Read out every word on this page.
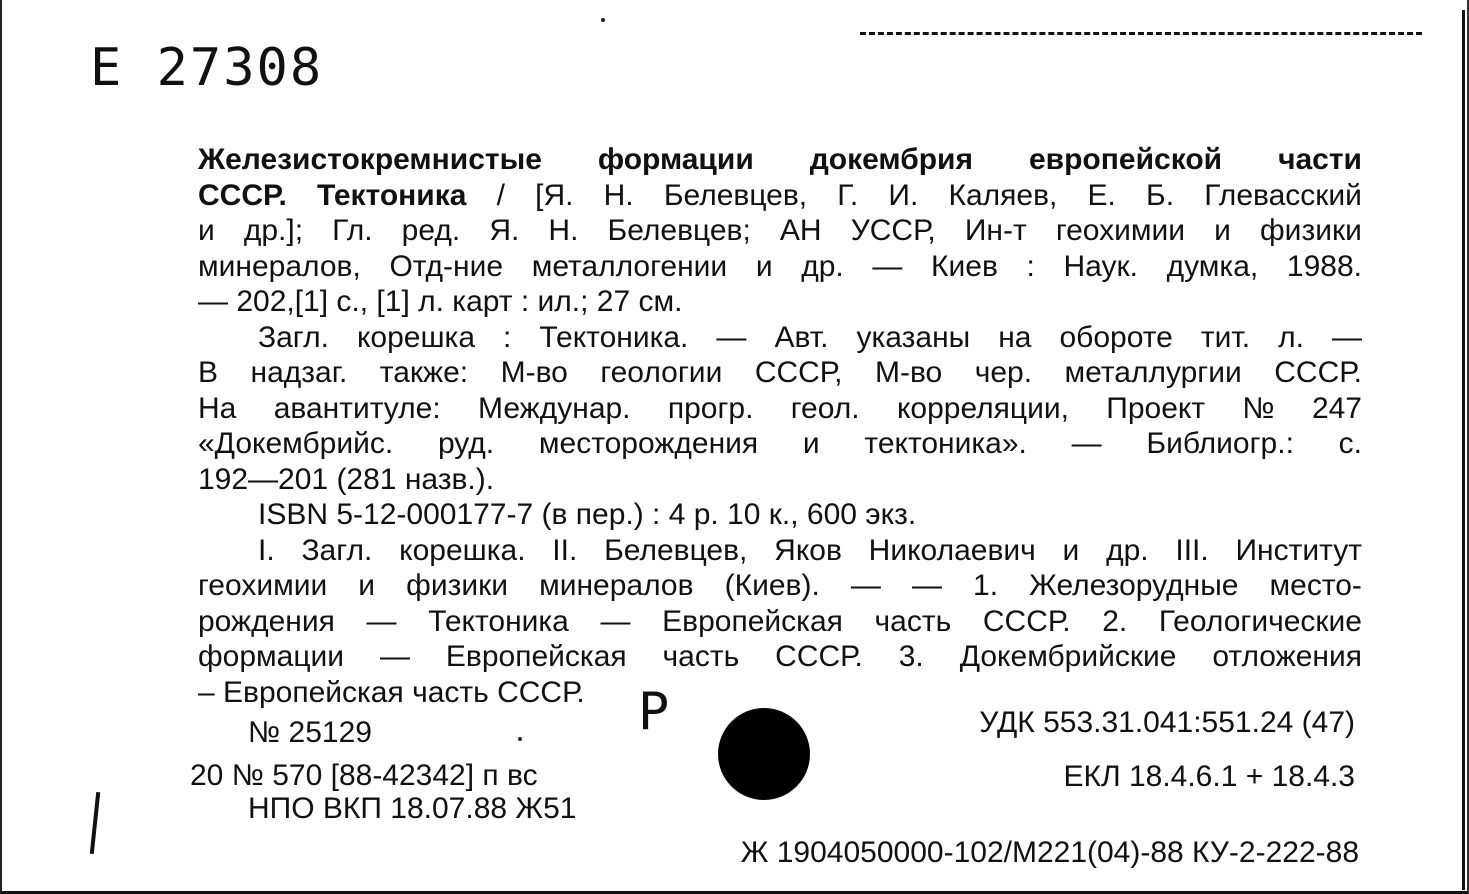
Е 27308
Железистокремнистые формации докембрия европейской части
СССР. Тектоника / [Я. Н. Белевцев, Г. И. Каляев, Е. Б. Глевасский
и др.]; Гл. ред. Я. Н. Белевцев; АН УССР, Ин-т геохимии и физики
минералов, Отд-ние металлогении и др. — Киев : Наук. думка, 1988.
— 202,[1] с., [1] л. карт : ил.; 27 см.
Загл. корешка : Тектоника. — Авт. указаны на обороте тит. л. —
В надзаг. также: М-во геологии СССР, М-во чер. металлургии СССР.
На авантитуле: Междунар. прогр. геол. корреляции, Проект № 247
«Докембрийс. руд. месторождения и тектоника». — Библиогр.: с.
192—201 (281 назв.).
ISBN 5-12-000177-7 (в пер.) : 4 р. 10 к., 600 экз.
I. Загл. корешка. II. Белевцев, Яков Николаевич и др. III. Институт
геохимии и физики минералов (Киев). — — 1. Железорудные место-
рождения — Тектоника — Европейская часть СССР. 2. Геологические
формации — Европейская часть СССР. 3. Докембрийские отложения
– Европейская часть СССР. Р
№ 25129
20 № 570 [88-42342] п вс
НПО ВКП 18.07.88 Ж51
УДК 553.31.041:551.24 (47)
ЕКЛ 18.4.6.1 + 18.4.3
Ж 1904050000-102/М221(04)-88 КУ-2-222-88
